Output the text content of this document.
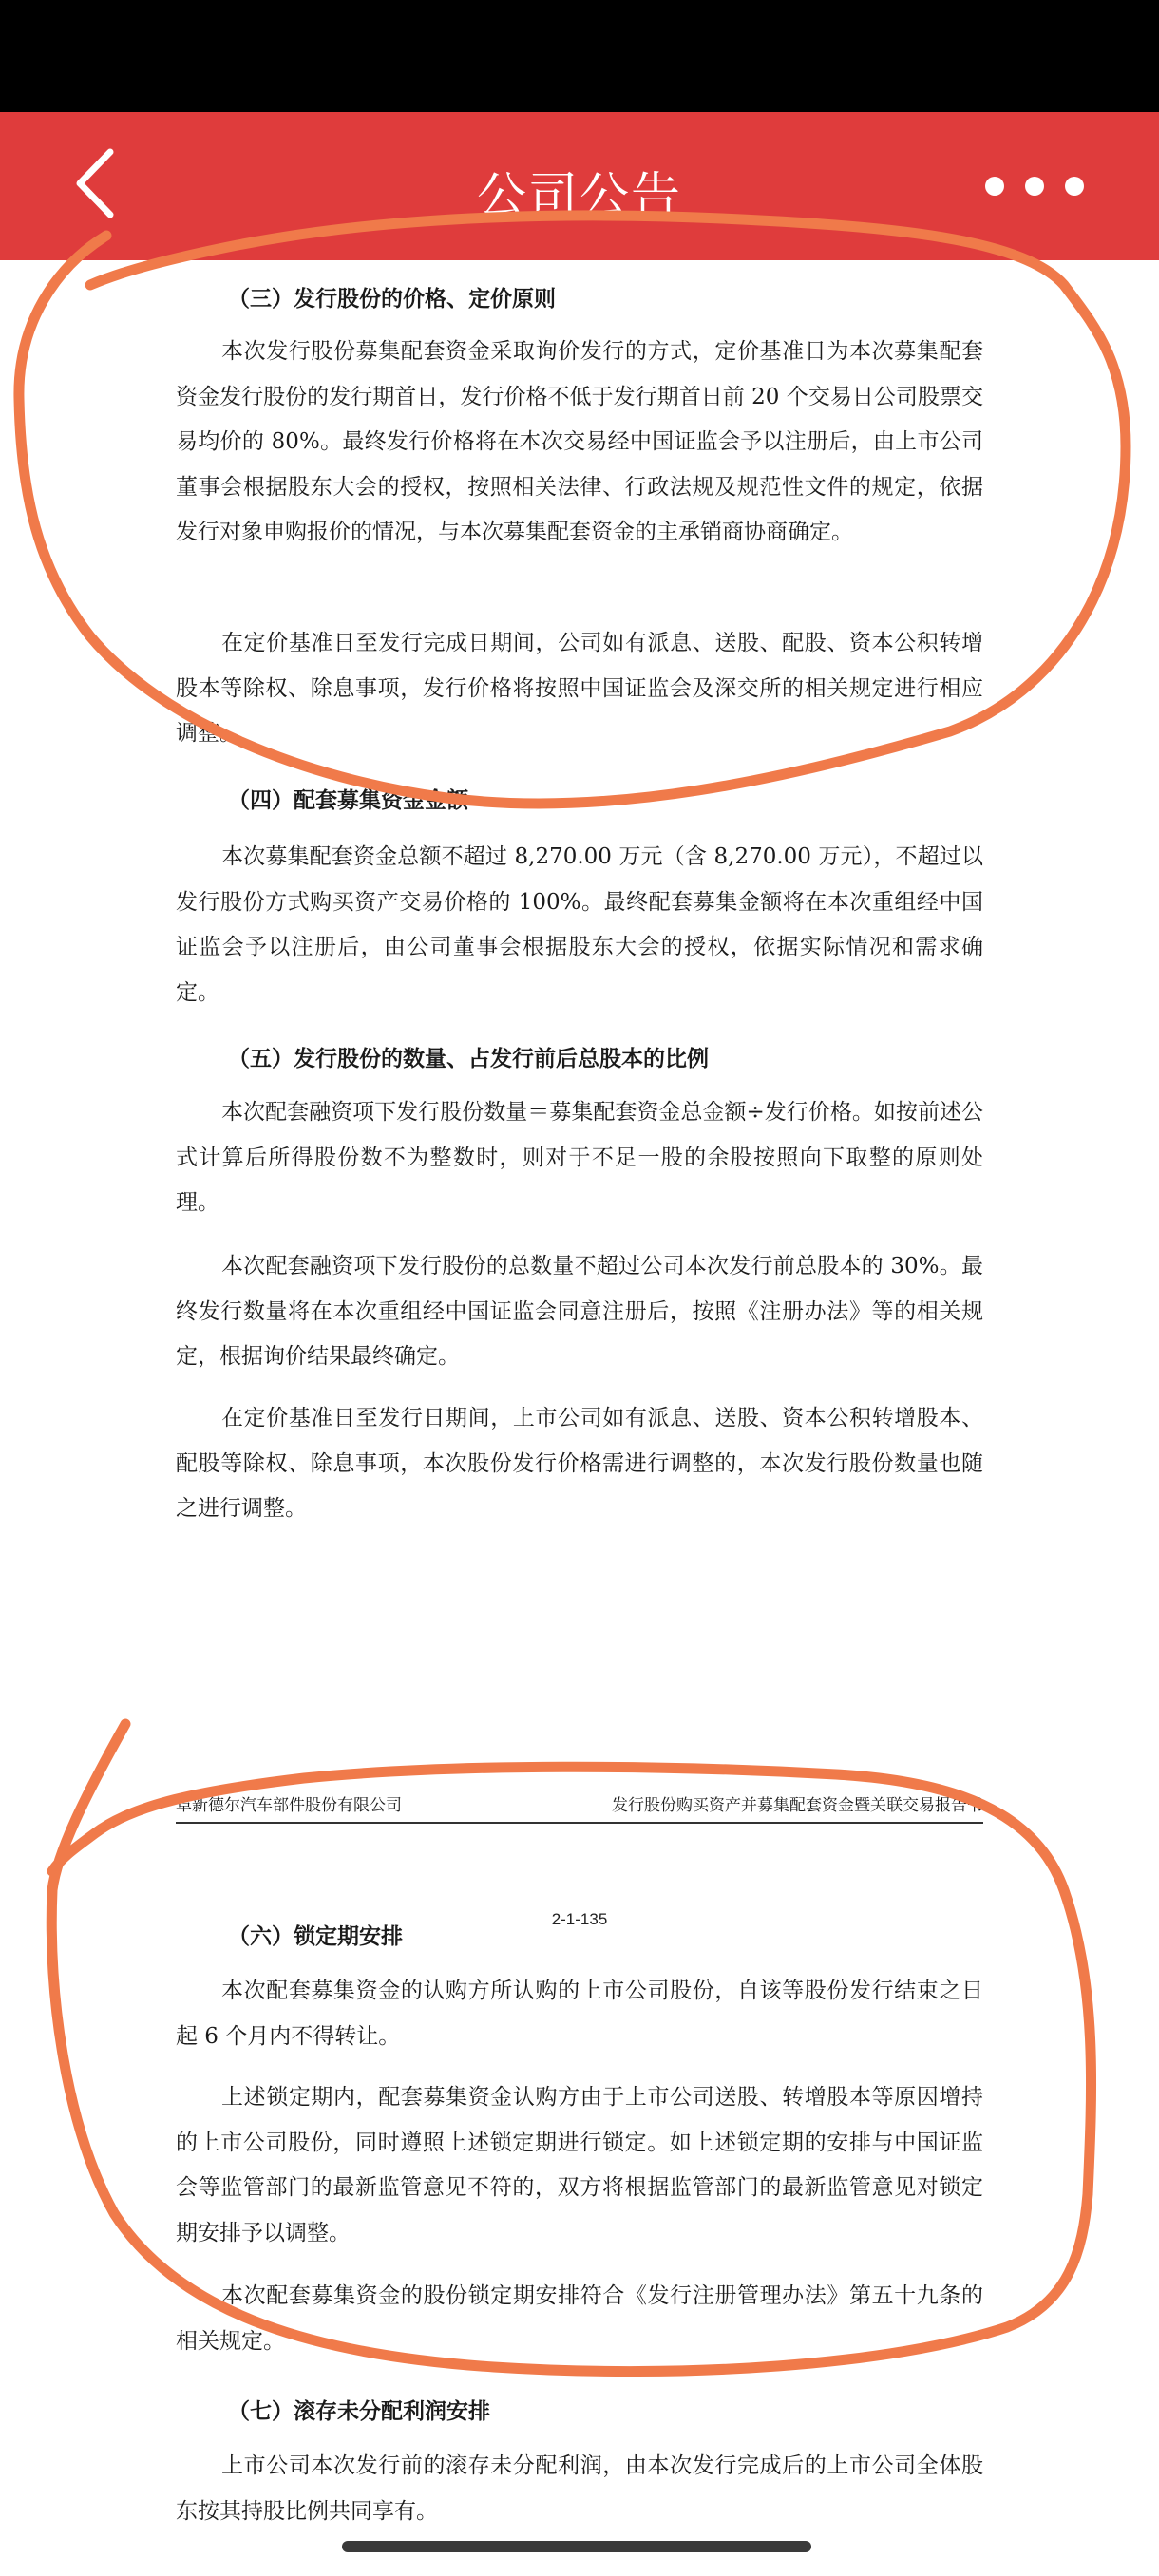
公司公告
（三）发行股份的价格、定价原则
本次发行股份募集配套资金采取询价发行的方式，定价基准日为本次募集配套资金发行股份的发行期首日，发行价格不低于发行期首日前 20 个交易日公司股票交易均价的 80%。最终发行价格将在本次交易经中国证监会予以注册后，由上市公司董事会根据股东大会的授权，按照相关法律、行政法规及规范性文件的规定，依据发行对象申购报价的情况，与本次募集配套资金的主承销商协商确定。
在定价基准日至发行完成日期间，公司如有派息、送股、配股、资本公积转增股本等除权、除息事项，发行价格将按照中国证监会及深交所的相关规定进行相应调整。
（四）配套募集资金金额
本次募集配套资金总额不超过 8,270.00 万元（含 8,270.00 万元），不超过以发行股份方式购买资产交易价格的 100%。最终配套募集金额将在本次重组经中国证监会予以注册后，由公司董事会根据股东大会的授权，依据实际情况和需求确定。
（五）发行股份的数量、占发行前后总股本的比例
本次配套融资项下发行股份数量＝募集配套资金总金额÷发行价格。如按前述公式计算后所得股份数不为整数时，则对于不足一股的余股按照向下取整的原则处理。
本次配套融资项下发行股份的总数量不超过公司本次发行前总股本的 30%。最终发行数量将在本次重组经中国证监会同意注册后，按照《注册办法》等的相关规定，根据询价结果最终确定。
在定价基准日至发行日期间，上市公司如有派息、送股、资本公积转增股本、配股等除权、除息事项，本次股份发行价格需进行调整的，本次发行股份数量也随之进行调整。
2-1-135
阜新德尔汽车部件股份有限公司	发行股份购买资产并募集配套资金暨关联交易报告书
（六）锁定期安排
本次配套募集资金的认购方所认购的上市公司股份，自该等股份发行结束之日起 6 个月内不得转让。
上述锁定期内，配套募集资金认购方由于上市公司送股、转增股本等原因增持的上市公司股份，同时遵照上述锁定期进行锁定。如上述锁定期的安排与中国证监会等监管部门的最新监管意见不符的，双方将根据监管部门的最新监管意见对锁定期安排予以调整。
本次配套募集资金的股份锁定期安排符合《发行注册管理办法》第五十九条的相关规定。
（七）滚存未分配利润安排
上市公司本次发行前的滚存未分配利润，由本次发行完成后的上市公司全体股东按其持股比例共同享有。
